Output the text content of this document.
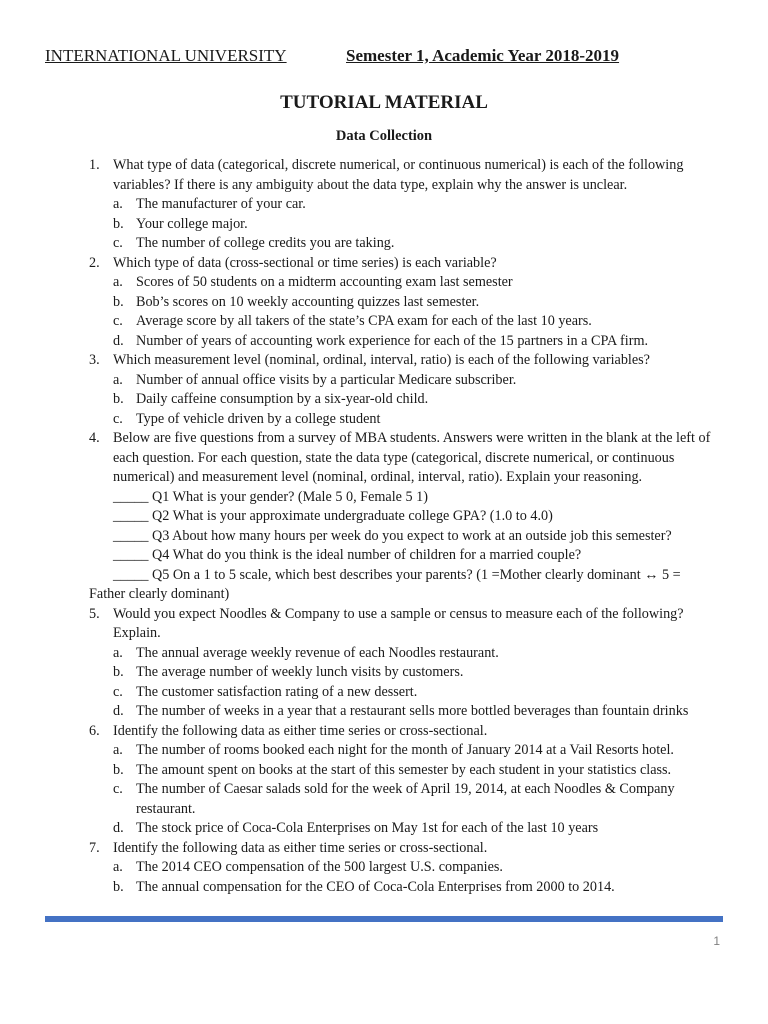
INTERNATIONAL UNIVERSITY	Semester 1, Academic Year 2018-2019
TUTORIAL MATERIAL
Data Collection
1. What type of data (categorical, discrete numerical, or continuous numerical) is each of the following variables? If there is any ambiguity about the data type, explain why the answer is unclear.
a. The manufacturer of your car.
b. Your college major.
c. The number of college credits you are taking.
2. Which type of data (cross-sectional or time series) is each variable?
a. Scores of 50 students on a midterm accounting exam last semester
b. Bob’s scores on 10 weekly accounting quizzes last semester.
c. Average score by all takers of the state’s CPA exam for each of the last 10 years.
d. Number of years of accounting work experience for each of the 15 partners in a CPA firm.
3. Which measurement level (nominal, ordinal, interval, ratio) is each of the following variables?
a. Number of annual office visits by a particular Medicare subscriber.
b. Daily caffeine consumption by a six-year-old child.
c. Type of vehicle driven by a college student
4. Below are five questions from a survey of MBA students. Answers were written in the blank at the left of each question. For each question, state the data type (categorical, discrete numerical, or continuous numerical) and measurement level (nominal, ordinal, interval, ratio). Explain your reasoning.
_____ Q1 What is your gender? (Male 5 0, Female 5 1)
_____ Q2 What is your approximate undergraduate college GPA? (1.0 to 4.0)
_____ Q3 About how many hours per week do you expect to work at an outside job this semester?
_____ Q4 What do you think is the ideal number of children for a married couple?
_____ Q5 On a 1 to 5 scale, which best describes your parents? (1 =Mother clearly dominant ↔ 5 =
Father clearly dominant)
5. Would you expect Noodles & Company to use a sample or census to measure each of the following? Explain.
a. The annual average weekly revenue of each Noodles restaurant.
b. The average number of weekly lunch visits by customers.
c. The customer satisfaction rating of a new dessert.
d. The number of weeks in a year that a restaurant sells more bottled beverages than fountain drinks
6. Identify the following data as either time series or cross-sectional.
a. The number of rooms booked each night for the month of January 2014 at a Vail Resorts hotel.
b. The amount spent on books at the start of this semester by each student in your statistics class.
c. The number of Caesar salads sold for the week of April 19, 2014, at each Noodles & Company restaurant.
d. The stock price of Coca-Cola Enterprises on May 1st for each of the last 10 years
7. Identify the following data as either time series or cross-sectional.
a. The 2014 CEO compensation of the 500 largest U.S. companies.
b. The annual compensation for the CEO of Coca-Cola Enterprises from 2000 to 2014.
1
